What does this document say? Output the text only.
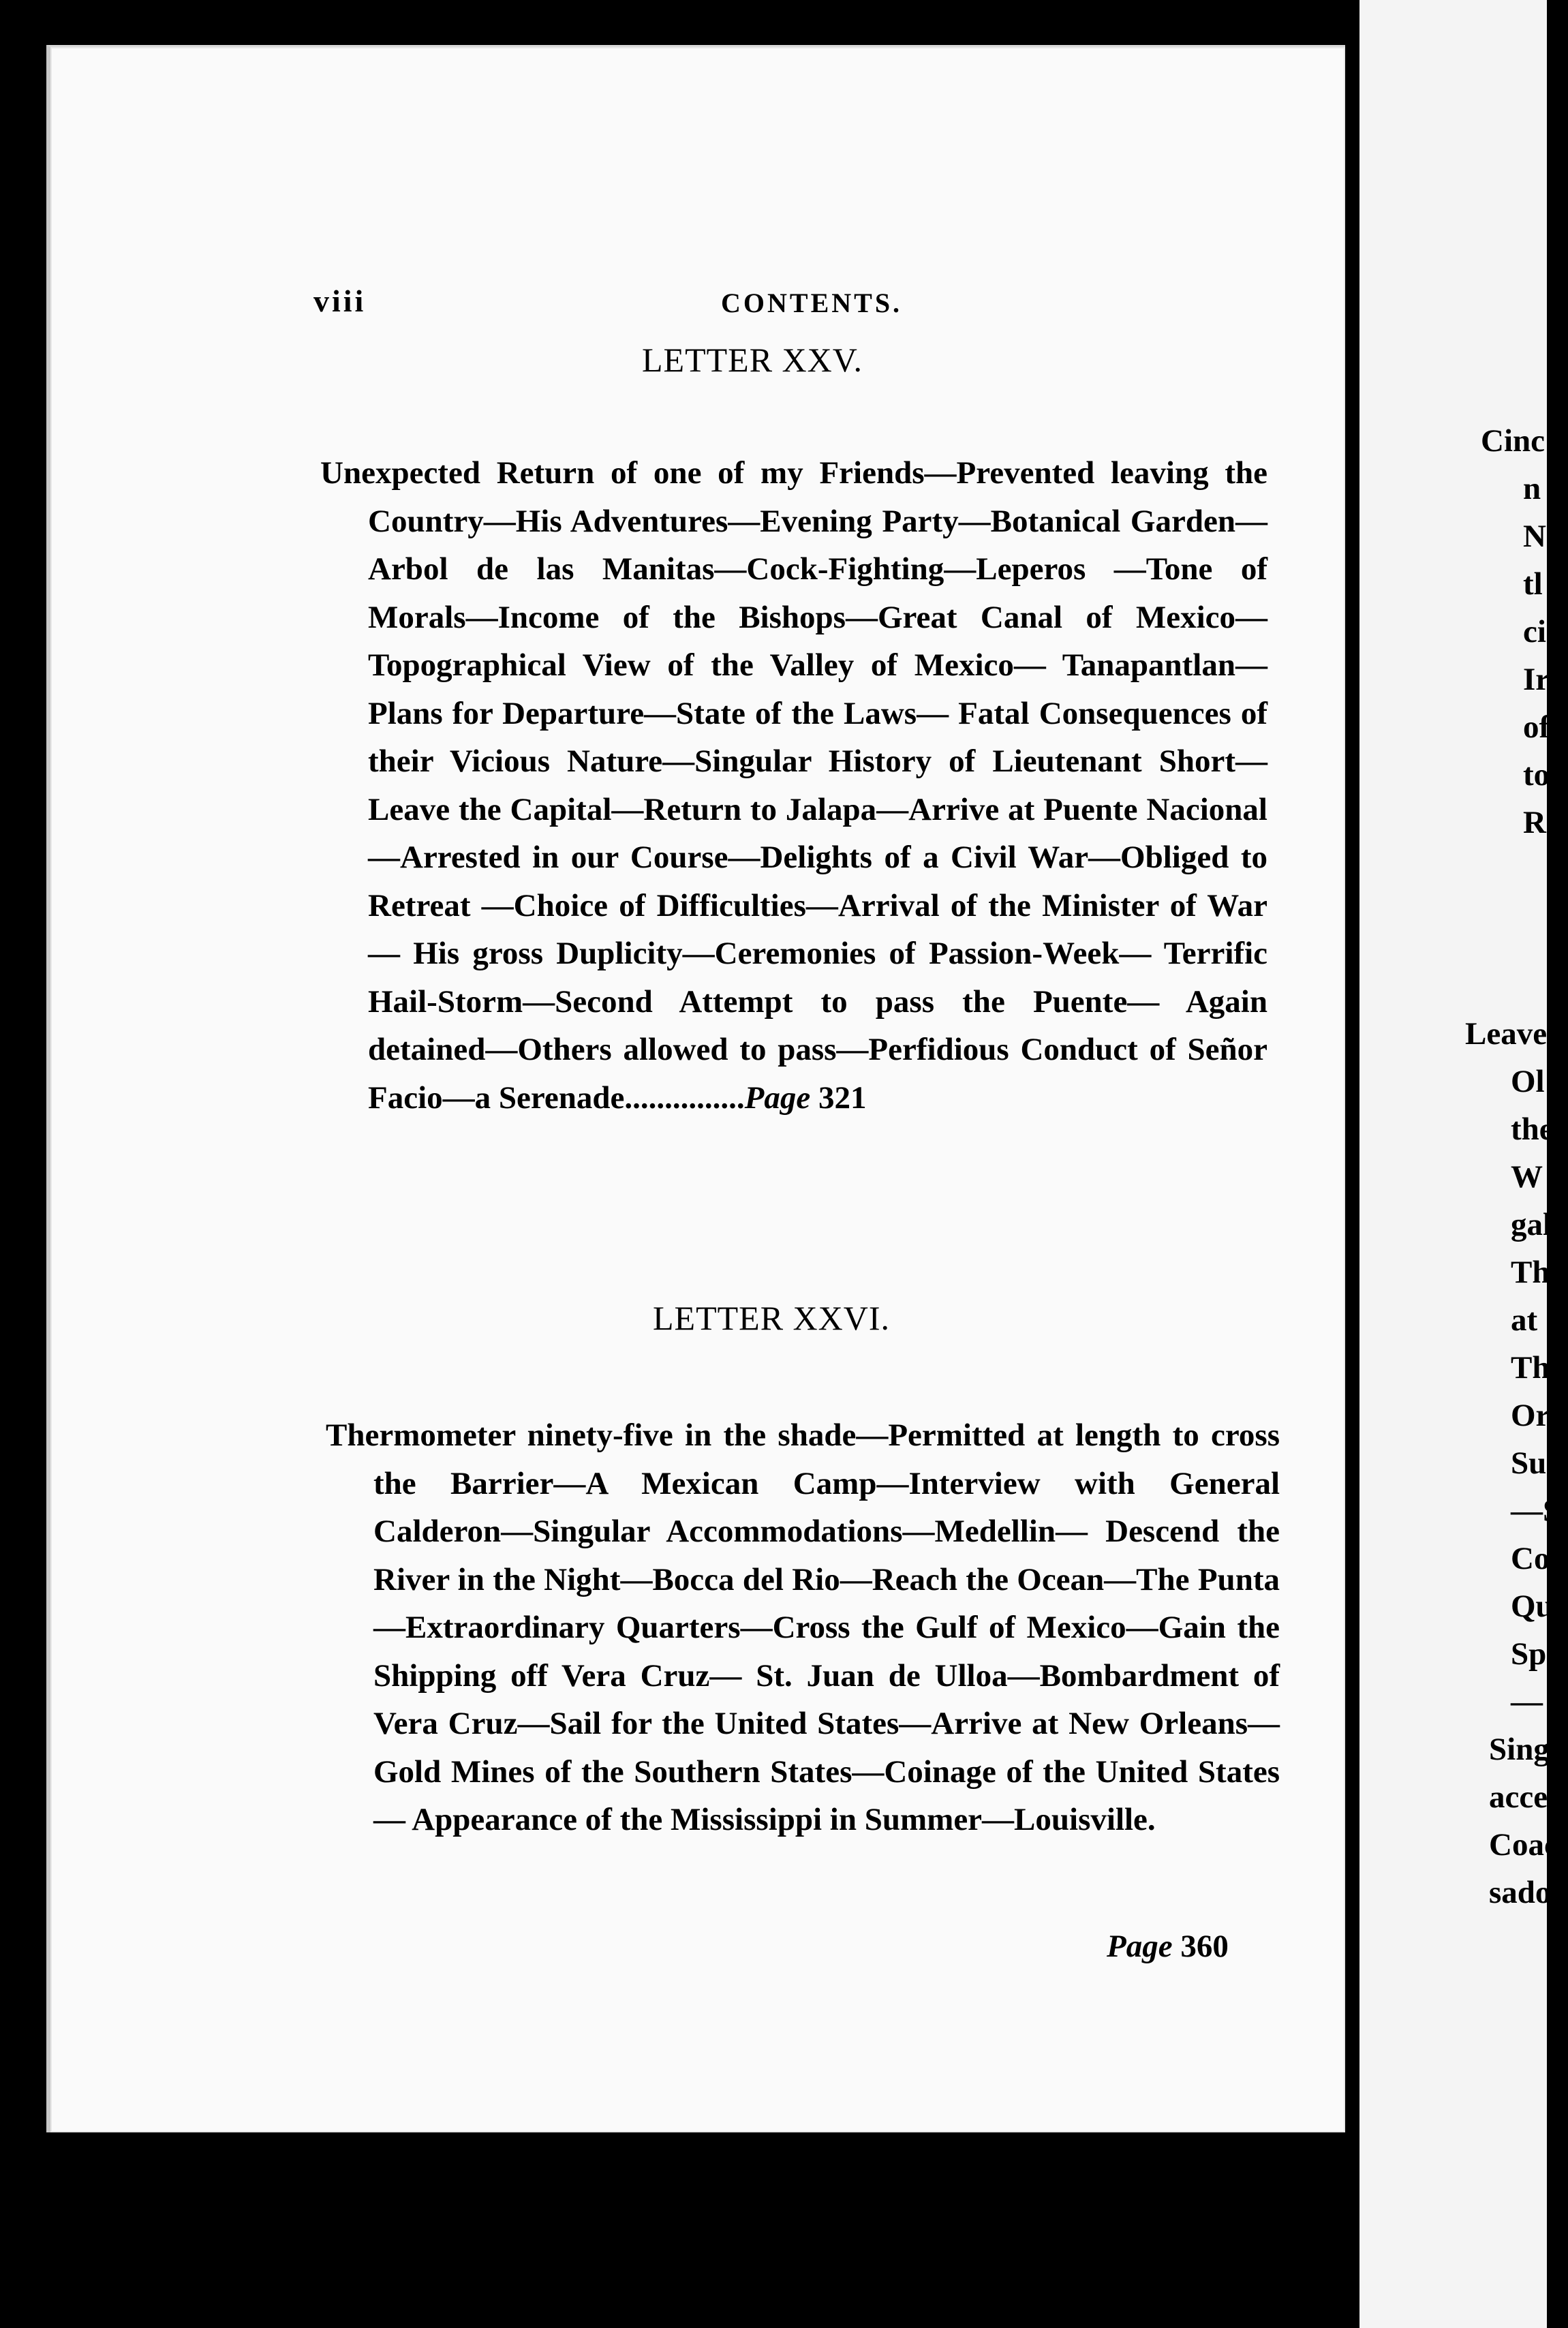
viii	CONTENTS.
LETTER XXV.
Unexpected Return of one of my Friends—Prevented leaving the Country—His Adventures—Evening Party—Botanical Garden—Arbol de las Manitas—Cock-Fighting—Leperos —Tone of Morals—Income of the Bishops—Great Canal of Mexico—Topographical View of the Valley of Mexico— Tanapantlan—Plans for Departure—State of the Laws— Fatal Consequences of their Vicious Nature—Singular History of Lieutenant Short—Leave the Capital—Return to Jalapa—Arrive at Puente Nacional—Arrested in our Course—Delights of a Civil War—Obliged to Retreat —Choice of Difficulties—Arrival of the Minister of War— His gross Duplicity—Ceremonies of Passion-Week— Terrific Hail-Storm—Second Attempt to pass the Puente— Again detained—Others allowed to pass—Perfidious Conduct of Señor Facio—a Serenade...............Page 321
LETTER XXVI.
Thermometer ninety-five in the shade—Permitted at length to cross the Barrier—A Mexican Camp—Interview with General Calderon—Singular Accommodations—Medellin— Descend the River in the Night—Bocca del Rio—Reach the Ocean—The Punta—Extraordinary Quarters—Cross the Gulf of Mexico—Gain the Shipping off Vera Cruz— St. Juan de Ulloa—Bombardment of Vera Cruz—Sail for the United States—Arrive at New Orleans—Gold Mines of the Southern States—Coinage of the United States— Appearance of the Mississippi in Summer—Louisville.
Page 360
Cinc
n
N
tl
ci
Ir
of
to
R
Leave
Ol
the
W
gal
Th
at
The
Ora
Sut
—S
Cou
Que
Spe
— I
Sing
acce
Coac
sado
